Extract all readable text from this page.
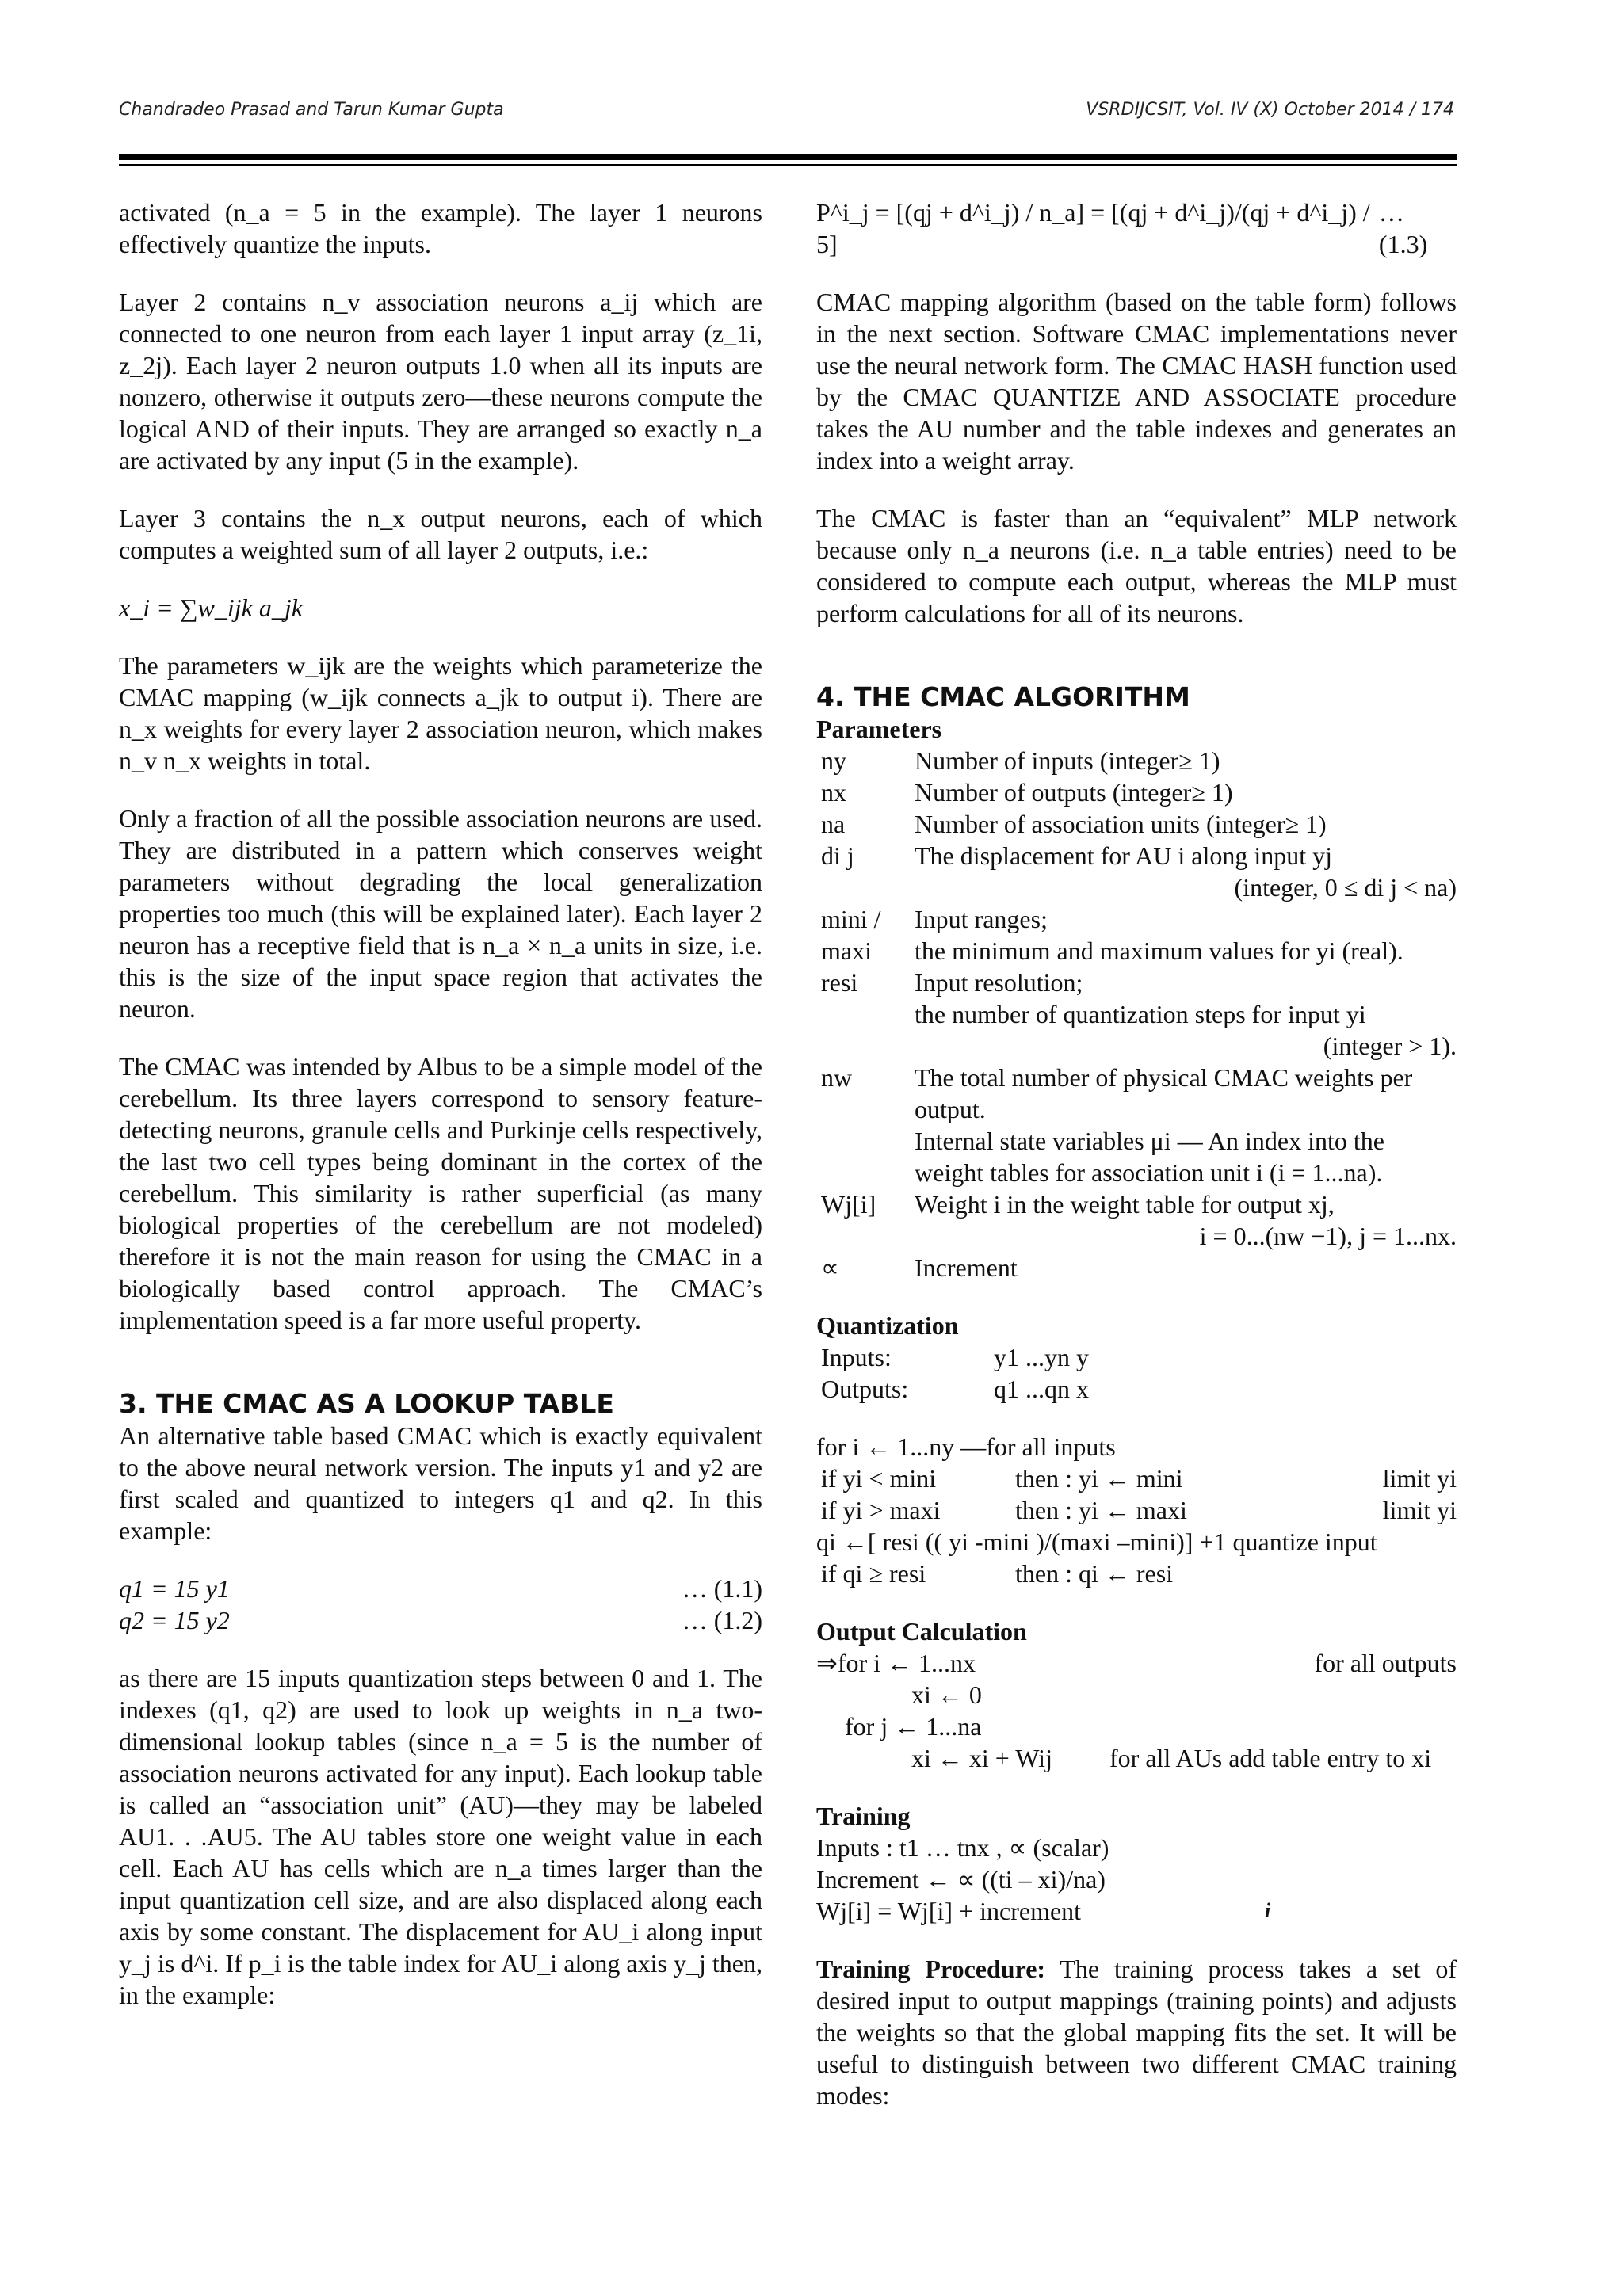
Chandradeo Prasad and Tarun Kumar Gupta	VSRDIJCSIT, Vol. IV (X) October 2014 / 174

activated (n_a = 5 in the example). The layer 1 neurons effectively quantize the inputs.

Layer 2 contains n_v association neurons a_ij which are connected to one neuron from each layer 1 input array (z_1i, z_2j). Each layer 2 neuron outputs 1.0 when all its inputs are nonzero, otherwise it outputs zero—these neurons compute the logical AND of their inputs. They are arranged so exactly n_a are activated by any input (5 in the example).

Layer 3 contains the n_x output neurons, each of which computes a weighted sum of all layer 2 outputs, i.e.:

x_i = ∑w_ijk a_jk

The parameters w_ijk are the weights which parameterize the CMAC mapping (w_ijk connects a_jk to output i). There are n_x weights for every layer 2 association neuron, which makes n_v n_x weights in total.

Only a fraction of all the possible association neurons are used. They are distributed in a pattern which conserves weight parameters without degrading the local generalization properties too much (this will be explained later). Each layer 2 neuron has a receptive field that is n_a × n_a units in size, i.e. this is the size of the input space region that activates the neuron.

The CMAC was intended by Albus to be a simple model of the cerebellum. Its three layers correspond to sensory feature-detecting neurons, granule cells and Purkinje cells respectively, the last two cell types being dominant in the cortex of the cerebellum. This similarity is rather superficial (as many biological properties of the cerebellum are not modeled) therefore it is not the main reason for using the CMAC in a biologically based control approach. The CMAC’s implementation speed is a far more useful property.

3. THE CMAC AS A LOOKUP TABLE

An alternative table based CMAC which is exactly equivalent to the above neural network version. The inputs y1 and y2 are first scaled and quantized to integers q1 and q2. In this example:

q1 = 15 y1	… (1.1)
q2 = 15 y2	… (1.2)

as there are 15 inputs quantization steps between 0 and 1. The indexes (q1, q2) are used to look up weights in n_a two-dimensional lookup tables (since n_a = 5 is the number of association neurons activated for any input). Each lookup table is called an “association unit” (AU)—they may be labeled AU1. . .AU5. The AU tables store one weight value in each cell. Each AU has cells which are n_a times larger than the input quantization cell size, and are also displaced along each axis by some constant. The displacement for AU_i along input y_j is d^i. If p_i is the table index for AU_i along axis y_j then, in the example:

P^i_j = [(qj + d^i_j) / n_a] = [(qj + d^i_j)/(qj + d^i_j) / 5]
… (1.3)

CMAC mapping algorithm (based on the table form) follows in the next section. Software CMAC implementations never use the neural network form. The CMAC HASH function used by the CMAC QUANTIZE AND ASSOCIATE procedure takes the AU number and the table indexes and generates an index into a weight array.

The CMAC is faster than an “equivalent” MLP network because only n_a neurons (i.e. n_a table entries) need to be considered to compute each output, whereas the MLP must perform calculations for all of its neurons.

4. THE CMAC ALGORITHM
Parameters
ny	Number of inputs (integer≥ 1)

nx	Number of outputs (integer≥ 1)

na	Number of association units (integer≥ 1)

di j	The displacement for AU i along input yj
(integer, 0 ≤ di j < na)

mini /	Input ranges;

maxi	the minimum and maximum values for yi (real).

resi	Input resolution;

	the number of quantization steps for input yi
(integer > 1).

nw	The total number of physical CMAC weights per output.

	Internal state variables μi — An index into the weight tables for association unit i (i = 1...na).

Wj[i]	Weight i in the weight table for output xj,
i = 0...(nw −1), j = 1...nx.

∝	Increment
Quantization
Inputs:	y1 ...yn y
Outputs:	q1 ...qn x
for i ← 1...ny —for all inputs
if yi < mini	then : yi ← mini	limit yi
if yi > maxi	then : yi ← maxi	limit yi
qi ←[ resi (( yi -mini )/(maxi –mini)] +1 quantize input
if qi ≥ resi	then : qi ← resi
Output Calculation
⇒for i ← 1...nx	for all outputs
xi ← 0
for j ← 1...na
xi ← xi + Wij	for all AUs add table entry to xi
Training
Inputs : t1 … tnx , ∝ (scalar)
Increment ← ∝ ((ti – xi)/na)
Wj[i] = Wj[i] + increment	i

Training Procedure: The training process takes a set of desired input to output mappings (training points) and adjusts the weights so that the global mapping fits the set. It will be useful to distinguish between two different CMAC training modes:
